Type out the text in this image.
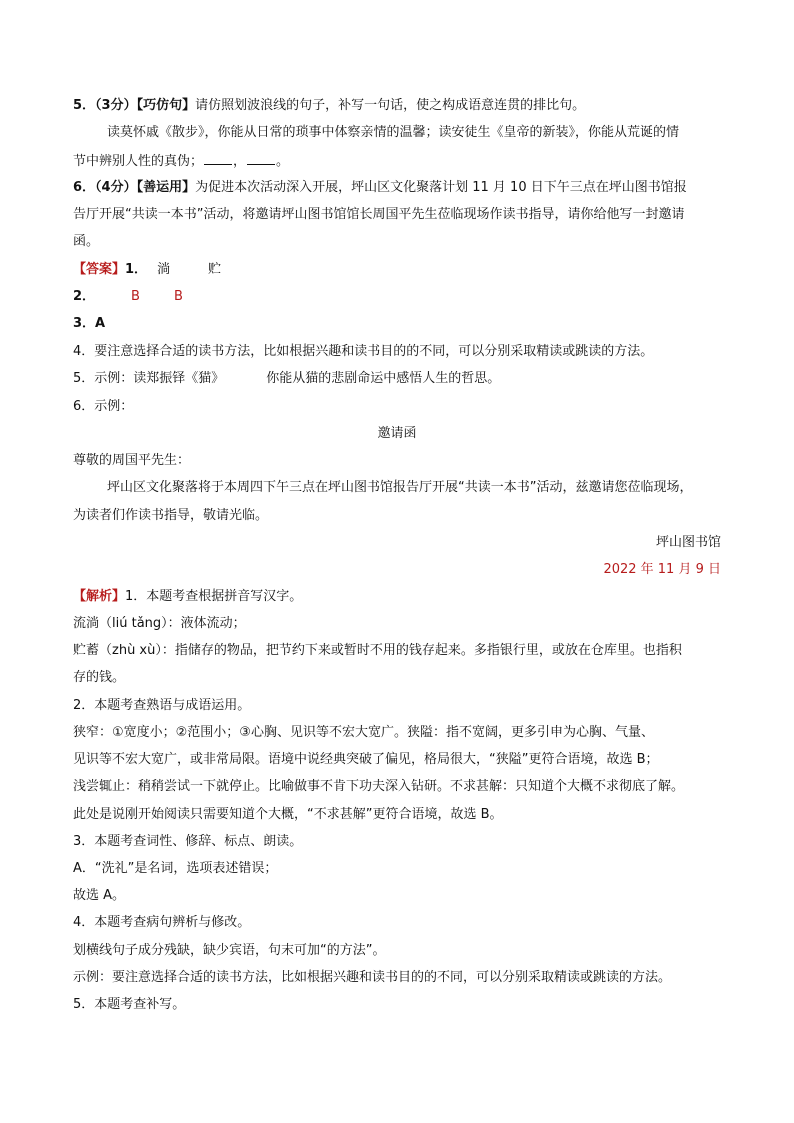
5．（3分）【巧仿句】请仿照划波浪线的句子，补写一句话，使之构成语意连贯的排比句。
读莫怀戚《散步》，你能从日常的琐事中体察亲情的温馨；读安徒生《皇帝的新装》，你能从荒诞的情
节中辨别人性的真伪； ， 。
6．（4分）【善运用】为促进本次活动深入开展，坪山区文化聚落计划 11 月 10 日下午三点在坪山图书馆报
告厅开展“共读一本书”活动，将邀请坪山图书馆馆长周国平先生莅临现场作读书指导，请你给他写一封邀请
函。
【答案】1． 淌	贮
2．	B	B
3．A
4．要注意选择合适的读书方法，比如根据兴趣和读书目的的不同，可以分别采取精读或跳读的方法。
5．示例：读郑振铎《猫》	你能从猫的悲剧命运中感悟人生的哲思。
6．示例：
邀请函
尊敬的周国平先生：
坪山区文化聚落将于本周四下午三点在坪山图书馆报告厅开展“共读一本书”活动，兹邀请您莅临现场，
为读者们作读书指导，敬请光临。
坪山图书馆
2022 年 11 月 9 日
【解析】1．本题考查根据拼音写汉字。
流淌（liú tǎng）：液体流动；
贮蓄（zhù xù）：指储存的物品，把节约下来或暂时不用的钱存起来。多指银行里，或放在仓库里。也指积
存的钱。
2．本题考查熟语与成语运用。
狭窄：①宽度小；②范围小；③心胸、见识等不宏大宽广。狭隘：指不宽阔，更多引申为心胸、气量、
见识等不宏大宽广，或非常局限。语境中说经典突破了偏见，格局很大，“狭隘”更符合语境，故选 B；
浅尝辄止：稍稍尝试一下就停止。比喻做事不肯下功夫深入钻研。不求甚解：只知道个大概不求彻底了解。
此处是说刚开始阅读只需要知道个大概，“不求甚解”更符合语境，故选 B。
3．本题考查词性、修辞、标点、朗读。
A．“洗礼”是名词，选项表述错误；
故选 A。
4．本题考查病句辨析与修改。
划横线句子成分残缺，缺少宾语，句末可加“的方法”。
示例：要注意选择合适的读书方法，比如根据兴趣和读书目的的不同，可以分别采取精读或跳读的方法。
5．本题考查补写。
